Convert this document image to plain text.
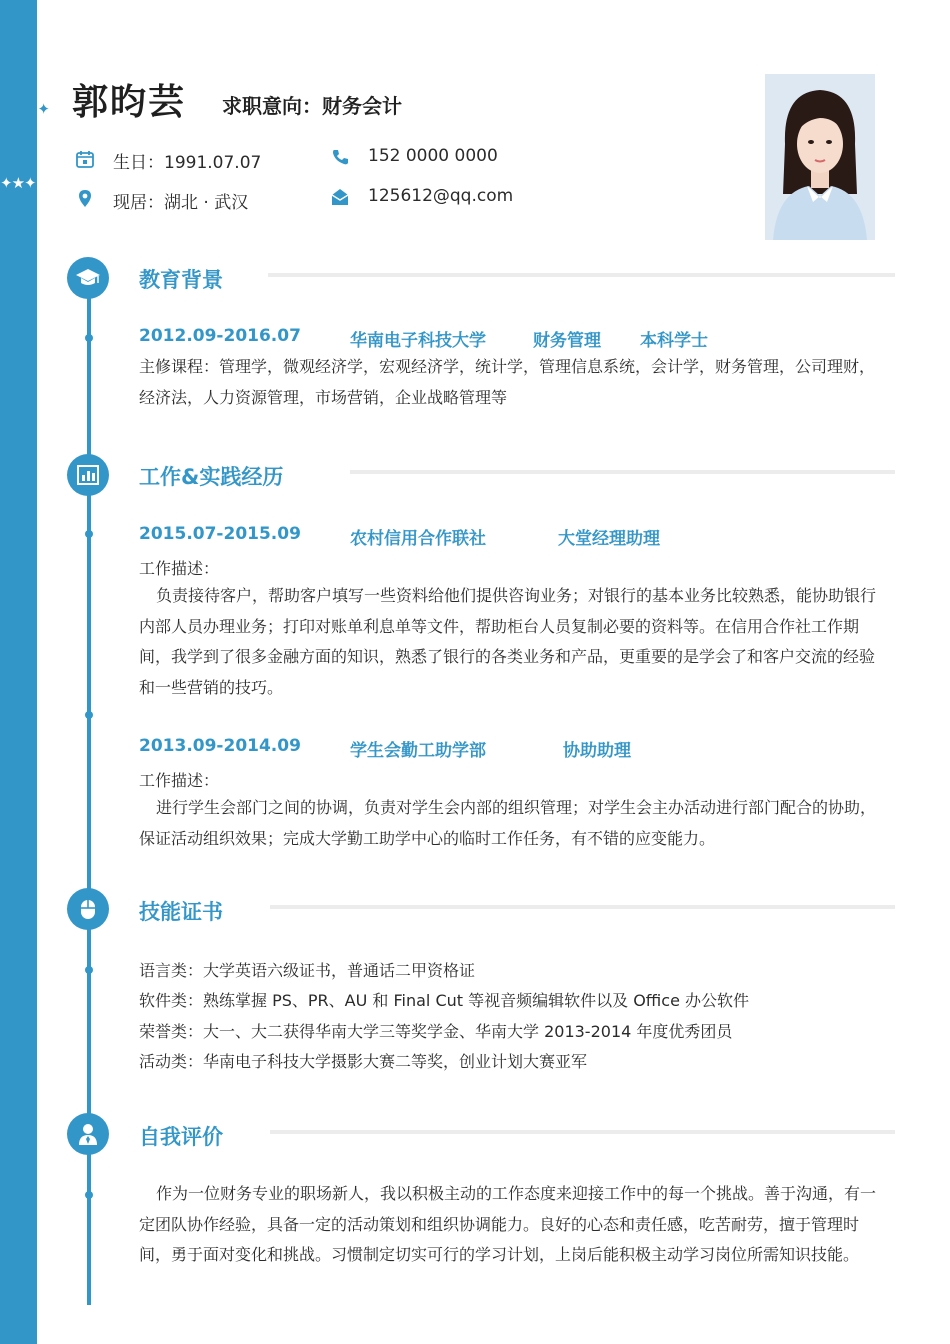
☆★☆✦
✦★✦
郭昀芸 求职意向：财务会计
生日：1991.07.07	152 0000 0000
现居：湖北 · 武汉	125612@qq.com
教育背景
2012.09-2016.07	华南电子科技大学	财务管理 本科学士
主修课程：管理学，微观经济学，宏观经济学，统计学，管理信息系统，会计学，财务管理，公司理财，经济法，人力资源管理，市场营销，企业战略管理等
工作&实践经历
2015.07-2015.09	农村信用合作联社	大堂经理助理
工作描述：
负责接待客户，帮助客户填写一些资料给他们提供咨询业务；对银行的基本业务比较熟悉，能协助银行内部人员办理业务；打印对账单利息单等文件，帮助柜台人员复制必要的资料等。在信用合作社工作期间，我学到了很多金融方面的知识，熟悉了银行的各类业务和产品，更重要的是学会了和客户交流的经验和一些营销的技巧。
2013.09-2014.09	学生会勤工助学部	协助助理
工作描述：
进行学生会部门之间的协调，负责对学生会内部的组织管理；对学生会主办活动进行部门配合的协助，保证活动组织效果；完成大学勤工助学中心的临时工作任务，有不错的应变能力。
技能证书
语言类：大学英语六级证书，普通话二甲资格证
软件类：熟练掌握 PS、PR、AU 和 Final Cut 等视音频编辑软件以及 Office 办公软件
荣誉类：大一、大二获得华南大学三等奖学金、华南大学 2013-2014 年度优秀团员
活动类：华南电子科技大学摄影大赛二等奖，创业计划大赛亚军
自我评价
作为一位财务专业的职场新人，我以积极主动的工作态度来迎接工作中的每一个挑战。善于沟通，有一定团队协作经验，具备一定的活动策划和组织协调能力。良好的心态和责任感，吃苦耐劳，擅于管理时间，勇于面对变化和挑战。习惯制定切实可行的学习计划，上岗后能积极主动学习岗位所需知识技能。
